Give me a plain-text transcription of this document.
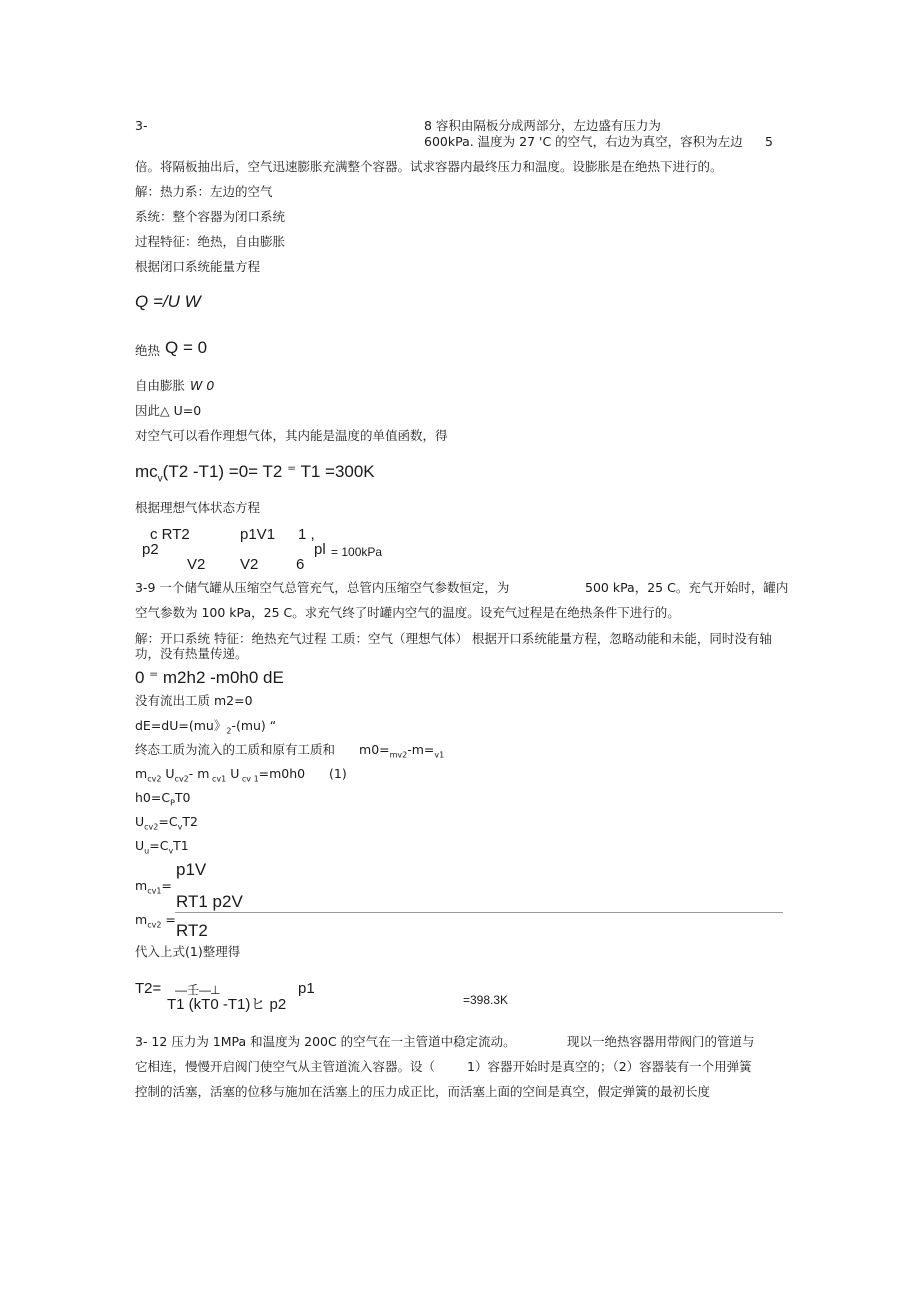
3-	8 容积由隔板分成两部分，左边盛有压力为
600kPa. 温度为 27 'C 的空气，右边为真空，容积为左边 5
倍。将隔板抽出后，空气迅速膨胀充满整个容器。试求容器内最终压力和温度。设膨胀是在绝热下进行的。
解：热力系：左边的空气
系统：整个容器为闭口系统
过程特征：绝热，自由膨胀
根据闭口系统能量方程
Q =/U W
绝热 Q = 0
自由膨胀 W 0
因此△ U=0
对空气可以看作理想气体，其内能是温度的单值函数，得
$mc_v(T2$ -T1) =0= T2 ⁼ T1 =300K
根据理想气体状态方程
c RT2	p1V1 1 ,
p2	pl = 100kPa
V2 V2	6
3-9 一个储气罐从压缩空气总管充气，总管内压缩空气参数恒定，为	500 kPa，25 C。充气开始时，罐内
空气参数为 100 kPa，25 C。求充气终了时罐内空气的温度。设充气过程是在绝热条件下进行的。
解：开口系统 特征：绝热充气过程 工质：空气（理想气体） 根据开口系统能量方程，忽略动能和未能，同时没有轴
功，没有热量传递。
0 ⁼ m2h2 -m0h0 dE
没有流出工质 m2=0
dE=dU=(mu》$_2$-(mu) “
终态工质为流入的工质和原有工质和 $m0=_{mv2}-m=_{v1}$
$m_{cv2}$ $U_{cv2}-$ m $_{cv1}$ U $_{cv 1}$=m0h0 (1)
$h0=C_PT0$
$U_{cv2}=C_vT2$
$U_u=C_vT1$
p1V
$m_{cv1}=$
RT1 p2V
$m_{cv2}$ =
RT2
代入上式(1)整理得
T2= —壬—
⊥	p1
T1 (kT0 -T1)ヒ p2	=398.3K
3- 12 压力为 1MPa 和温度为 200C 的空气在一主管道中稳定流动。	现以一绝热容器用带阀门的管道与
它相连，慢慢开启阀门使空气从主管道流入容器。设（	1）容器开始时是真空的；（2）容器装有一个用弹簧
控制的活塞，活塞的位移与施加在活塞上的压力成正比，而活塞上面的空间是真空，假定弹簧的最初长度
